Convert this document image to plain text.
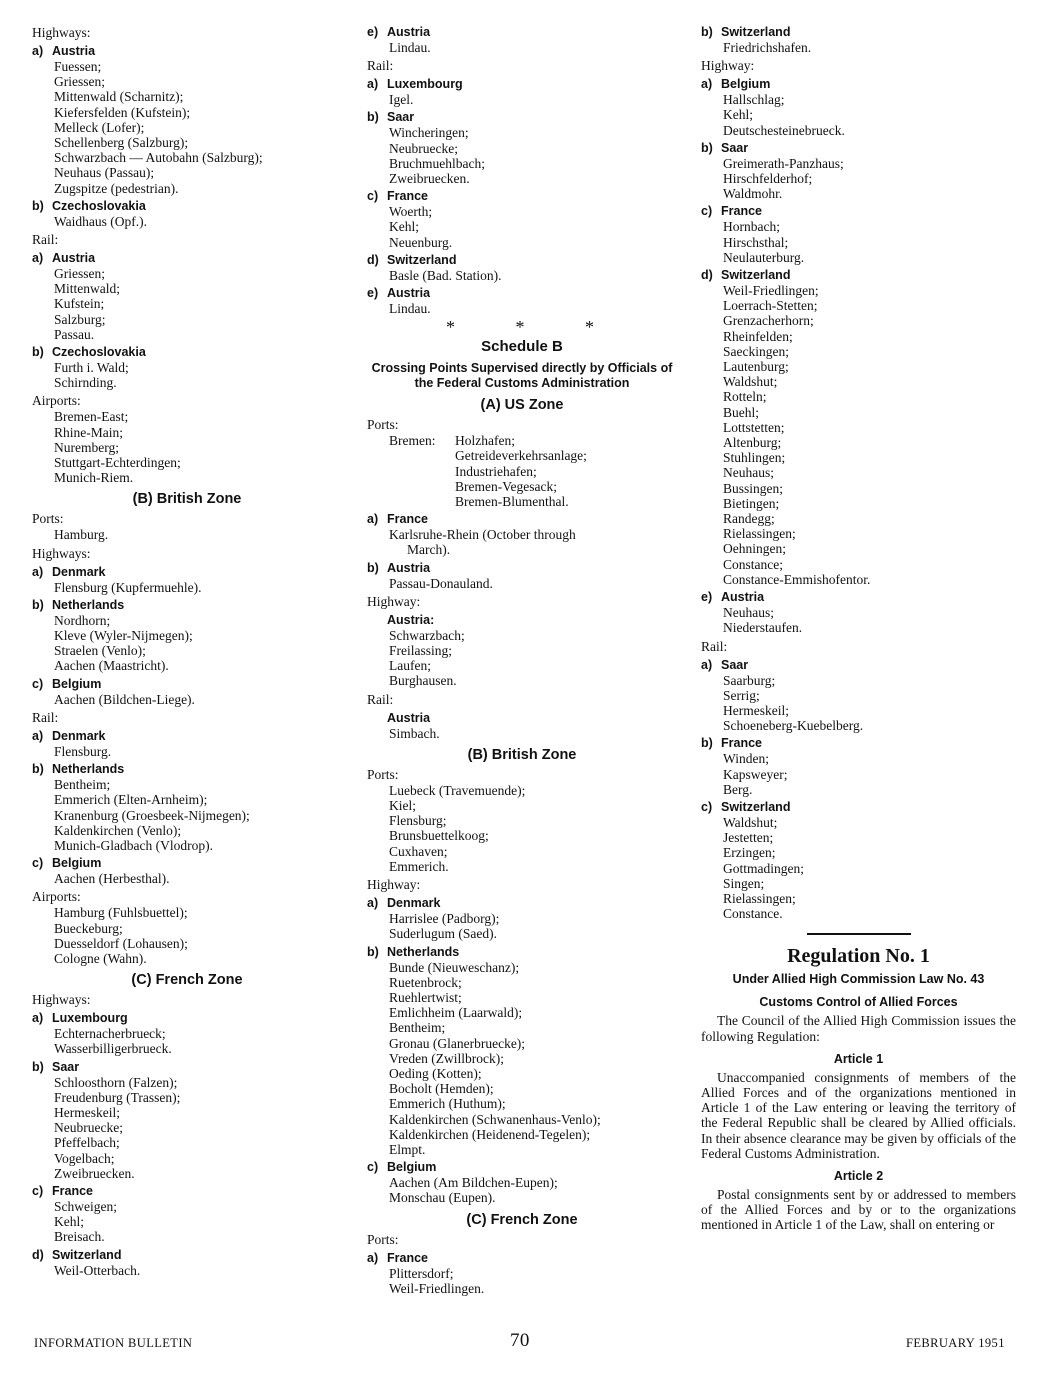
Highways:
a) Austria
Fuessen;
Griessen;
Mittenwald (Scharnitz);
Kiefersfelden (Kufstein);
Melleck (Lofer);
Schellenberg (Salzburg);
Schwarzbach — Autobahn (Salzburg);
Neuhaus (Passau);
Zugspitze (pedestrian).
b) Czechoslovakia
Waidhaus (Opf.).
Rail:
a) Austria
Griessen;
Mittenwald;
Kufstein;
Salzburg;
Passau.
b) Czechoslovakia
Furth i. Wald;
Schirnding.
Airports:
Bremen-East;
Rhine-Main;
Nuremberg;
Stuttgart-Echterdingen;
Munich-Riem.
(B) British Zone
Ports:
Hamburg.
Highways:
a) Denmark
Flensburg (Kupfermuehle).
b) Netherlands
Nordhorn;
Kleve (Wyler-Nijmegen);
Straelen (Venlo);
Aachen (Maastricht).
c) Belgium
Aachen (Bildchen-Liege).
Rail:
a) Denmark
Flensburg.
b) Netherlands
Bentheim;
Emmerich (Elten-Arnheim);
Kranenburg (Groesbeek-Nijmegen);
Kaldenkirchen (Venlo);
Munich-Gladbach (Vlodrop).
c) Belgium
Aachen (Herbesthal).
Airports:
Hamburg (Fuhlsbuettel);
Bueckeburg;
Duesseldorf (Lohausen);
Cologne (Wahn).
(C) French Zone
Highways:
a) Luxembourg
Echternacherbrueck;
Wasserbilligerbrueck.
b) Saar
Schloosthorn (Falzen);
Freudenburg (Trassen);
Hermeskeil;
Neubruecke;
Pfeffelbach;
Vogelbach;
Zweibruecken.
c) France
Schweigen;
Kehl;
Breisach.
d) Switzerland
Weil-Otterbach.
e) Austria
Lindau.
Rail:
a) Luxembourg
Igel.
b) Saar
Wincheringen;
Neubruecke;
Bruchmuehlbach;
Zweibruecken.
c) France
Woerth;
Kehl;
Neuenburg.
d) Switzerland
Basle (Bad. Station).
e) Austria
Lindau.
* * *
Schedule B
Crossing Points Supervised directly by Officials of the Federal Customs Administration
(A) US Zone
Ports:
Bremen:	Holzhafen;
Getreideverkehrsanlage;
Industriehafen;
Bremen-Vegesack;
Bremen-Blumenthal.
a) France
Karlsruhe-Rhein (October through
March).
b) Austria
Passau-Donauland.
Highway:
Austria:
Schwarzbach;
Freilassing;
Laufen;
Burghausen.
Rail:
Austria
Simbach.
(B) British Zone
Ports:
Luebeck (Travemuende);
Kiel;
Flensburg;
Brunsbuettelkoog;
Cuxhaven;
Emmerich.
Highway:
a) Denmark
Harrislee (Padborg);
Suderlugum (Saed).
b) Netherlands
Bunde (Nieuweschanz);
Ruetenbrock;
Ruehlertwist;
Emlichheim (Laarwald);
Bentheim;
Gronau (Glanerbruecke);
Vreden (Zwillbrock);
Oeding (Kotten);
Bocholt (Hemden);
Emmerich (Huthum);
Kaldenkirchen (Schwanenhaus-Venlo);
Kaldenkirchen (Heidenend-Tegelen);
Elmpt.
c) Belgium
Aachen (Am Bildchen-Eupen);
Monschau (Eupen).
(C) French Zone
Ports:
a) France
Plittersdorf;
Weil-Friedlingen.
b) Switzerland
Friedrichshafen.
Highway:
a) Belgium
Hallschlag;
Kehl;
Deutschesteinebrueck.
b) Saar
Greimerath-Panzhaus;
Hirschfelderhof;
Waldmohr.
c) France
Hornbach;
Hirschsthal;
Neulauterburg.
d) Switzerland
Weil-Friedlingen;
Loerrach-Stetten;
Grenzacherhorn;
Rheinfelden;
Saeckingen;
Lautenburg;
Waldshut;
Rotteln;
Buehl;
Lottstetten;
Altenburg;
Stuhlingen;
Neuhaus;
Bussingen;
Bietingen;
Randegg;
Rielassingen;
Oehningen;
Constance;
Constance-Emmishofentor.
e) Austria
Neuhaus;
Niederstaufen.
Rail:
a) Saar
Saarburg;
Serrig;
Hermeskeil;
Schoeneberg-Kuebelberg.
b) France
Winden;
Kapsweyer;
Berg.
c) Switzerland
Waldshut;
Jestetten;
Erzingen;
Gottmadingen;
Singen;
Rielassingen;
Constance.
Regulation No. 1
Under Allied High Commission Law No. 43
Customs Control of Allied Forces
The Council of the Allied High Commission issues the following Regulation:
Article 1
Unaccompanied consignments of members of the Allied Forces and of the organizations mentioned in Article 1 of the Law entering or leaving the territory of the Federal Republic shall be cleared by Allied officials. In their absence clearance may be given by officials of the Federal Customs Administration.
Article 2
Postal consignments sent by or addressed to members of the Allied Forces and by or to the organizations mentioned in Article 1 of the Law, shall on entering or
INFORMATION BULLETIN	70	FEBRUARY 1951
